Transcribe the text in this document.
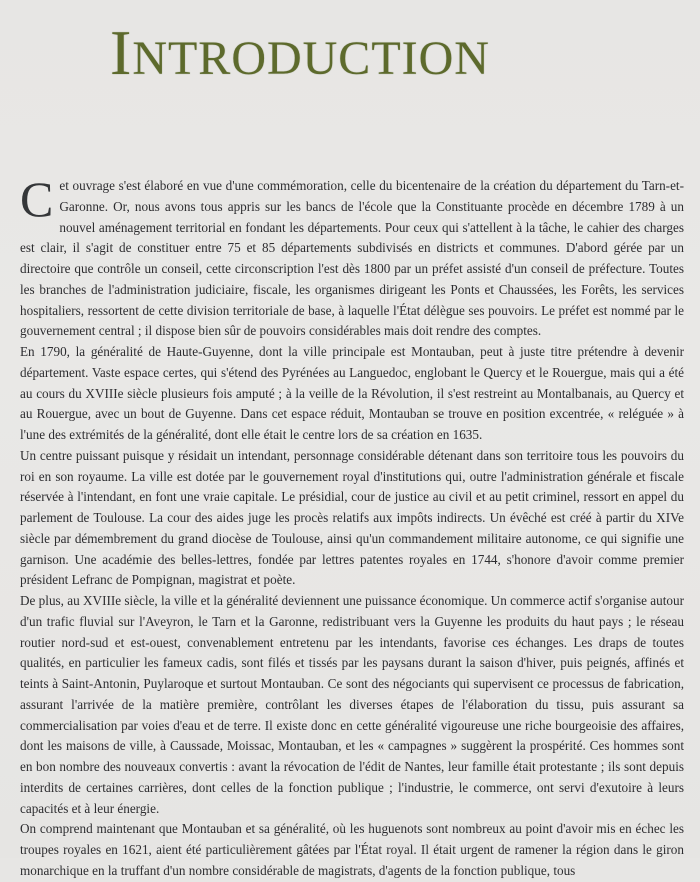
INTRODUCTION

Cet ouvrage s'est élaboré en vue d'une commémoration, celle du bicentenaire de la création du département du Tarn-et-Garonne. Or, nous avons tous appris sur les bancs de l'école que la Constituante procède en décembre 1789 à un nouvel aménagement territorial en fondant les départements. Pour ceux qui s'attellent à la tâche, le cahier des charges est clair, il s'agit de constituer entre 75 et 85 départements subdivisés en districts et communes. D'abord gérée par un directoire que contrôle un conseil, cette circonscription l'est dès 1800 par un préfet assisté d'un conseil de préfecture. Toutes les branches de l'administration judiciaire, fiscale, les organismes dirigeant les Ponts et Chaussées, les Forêts, les services hospitaliers, ressortent de cette division territoriale de base, à laquelle l'État délègue ses pouvoirs. Le préfet est nommé par le gouvernement central ; il dispose bien sûr de pouvoirs considérables mais doit rendre des comptes.

En 1790, la généralité de Haute-Guyenne, dont la ville principale est Montauban, peut à juste titre prétendre à devenir département. Vaste espace certes, qui s'étend des Pyrénées au Languedoc, englobant le Quercy et le Rouergue, mais qui a été au cours du XVIIIe siècle plusieurs fois amputé ; à la veille de la Révolution, il s'est restreint au Montalbanais, au Quercy et au Rouergue, avec un bout de Guyenne. Dans cet espace réduit, Montauban se trouve en position excentrée, « reléguée » à l'une des extrémités de la généralité, dont elle était le centre lors de sa création en 1635.

Un centre puissant puisque y résidait un intendant, personnage considérable détenant dans son territoire tous les pouvoirs du roi en son royaume. La ville est dotée par le gouvernement royal d'institutions qui, outre l'administration générale et fiscale réservée à l'intendant, en font une vraie capitale. Le présidial, cour de justice au civil et au petit criminel, ressort en appel du parlement de Toulouse. La cour des aides juge les procès relatifs aux impôts indirects. Un évêché est créé à partir du XIVe siècle par démembrement du grand diocèse de Toulouse, ainsi qu'un commandement militaire autonome, ce qui signifie une garnison. Une académie des belles-lettres, fondée par lettres patentes royales en 1744, s'honore d'avoir comme premier président Lefranc de Pompignan, magistrat et poète.

De plus, au XVIIIe siècle, la ville et la généralité deviennent une puissance économique. Un commerce actif s'organise autour d'un trafic fluvial sur l'Aveyron, le Tarn et la Garonne, redistribuant vers la Guyenne les produits du haut pays ; le réseau routier nord-sud et est-ouest, convenablement entretenu par les intendants, favorise ces échanges. Les draps de toutes qualités, en particulier les fameux cadis, sont filés et tissés par les paysans durant la saison d'hiver, puis peignés, affinés et teints à Saint-Antonin, Puylaroque et surtout Montauban. Ce sont des négociants qui supervisent ce processus de fabrication, assurant l'arrivée de la matière première, contrôlant les diverses étapes de l'élaboration du tissu, puis assurant sa commercialisation par voies d'eau et de terre. Il existe donc en cette généralité vigoureuse une riche bourgeoisie des affaires, dont les maisons de ville, à Caussade, Moissac, Montauban, et les « campagnes » suggèrent la prospérité. Ces hommes sont en bon nombre des nouveaux convertis : avant la révocation de l'édit de Nantes, leur famille était protestante ; ils sont depuis interdits de certaines carrières, dont celles de la fonction publique ; l'industrie, le commerce, ont servi d'exutoire à leurs capacités et à leur énergie.

On comprend maintenant que Montauban et sa généralité, où les huguenots sont nombreux au point d'avoir mis en échec les troupes royales en 1621, aient été particulièrement gâtées par l'État royal. Il était urgent de ramener la région dans le giron monarchique en la truffant d'un nombre considérable de magistrats, d'agents de la fonction publique, tous
